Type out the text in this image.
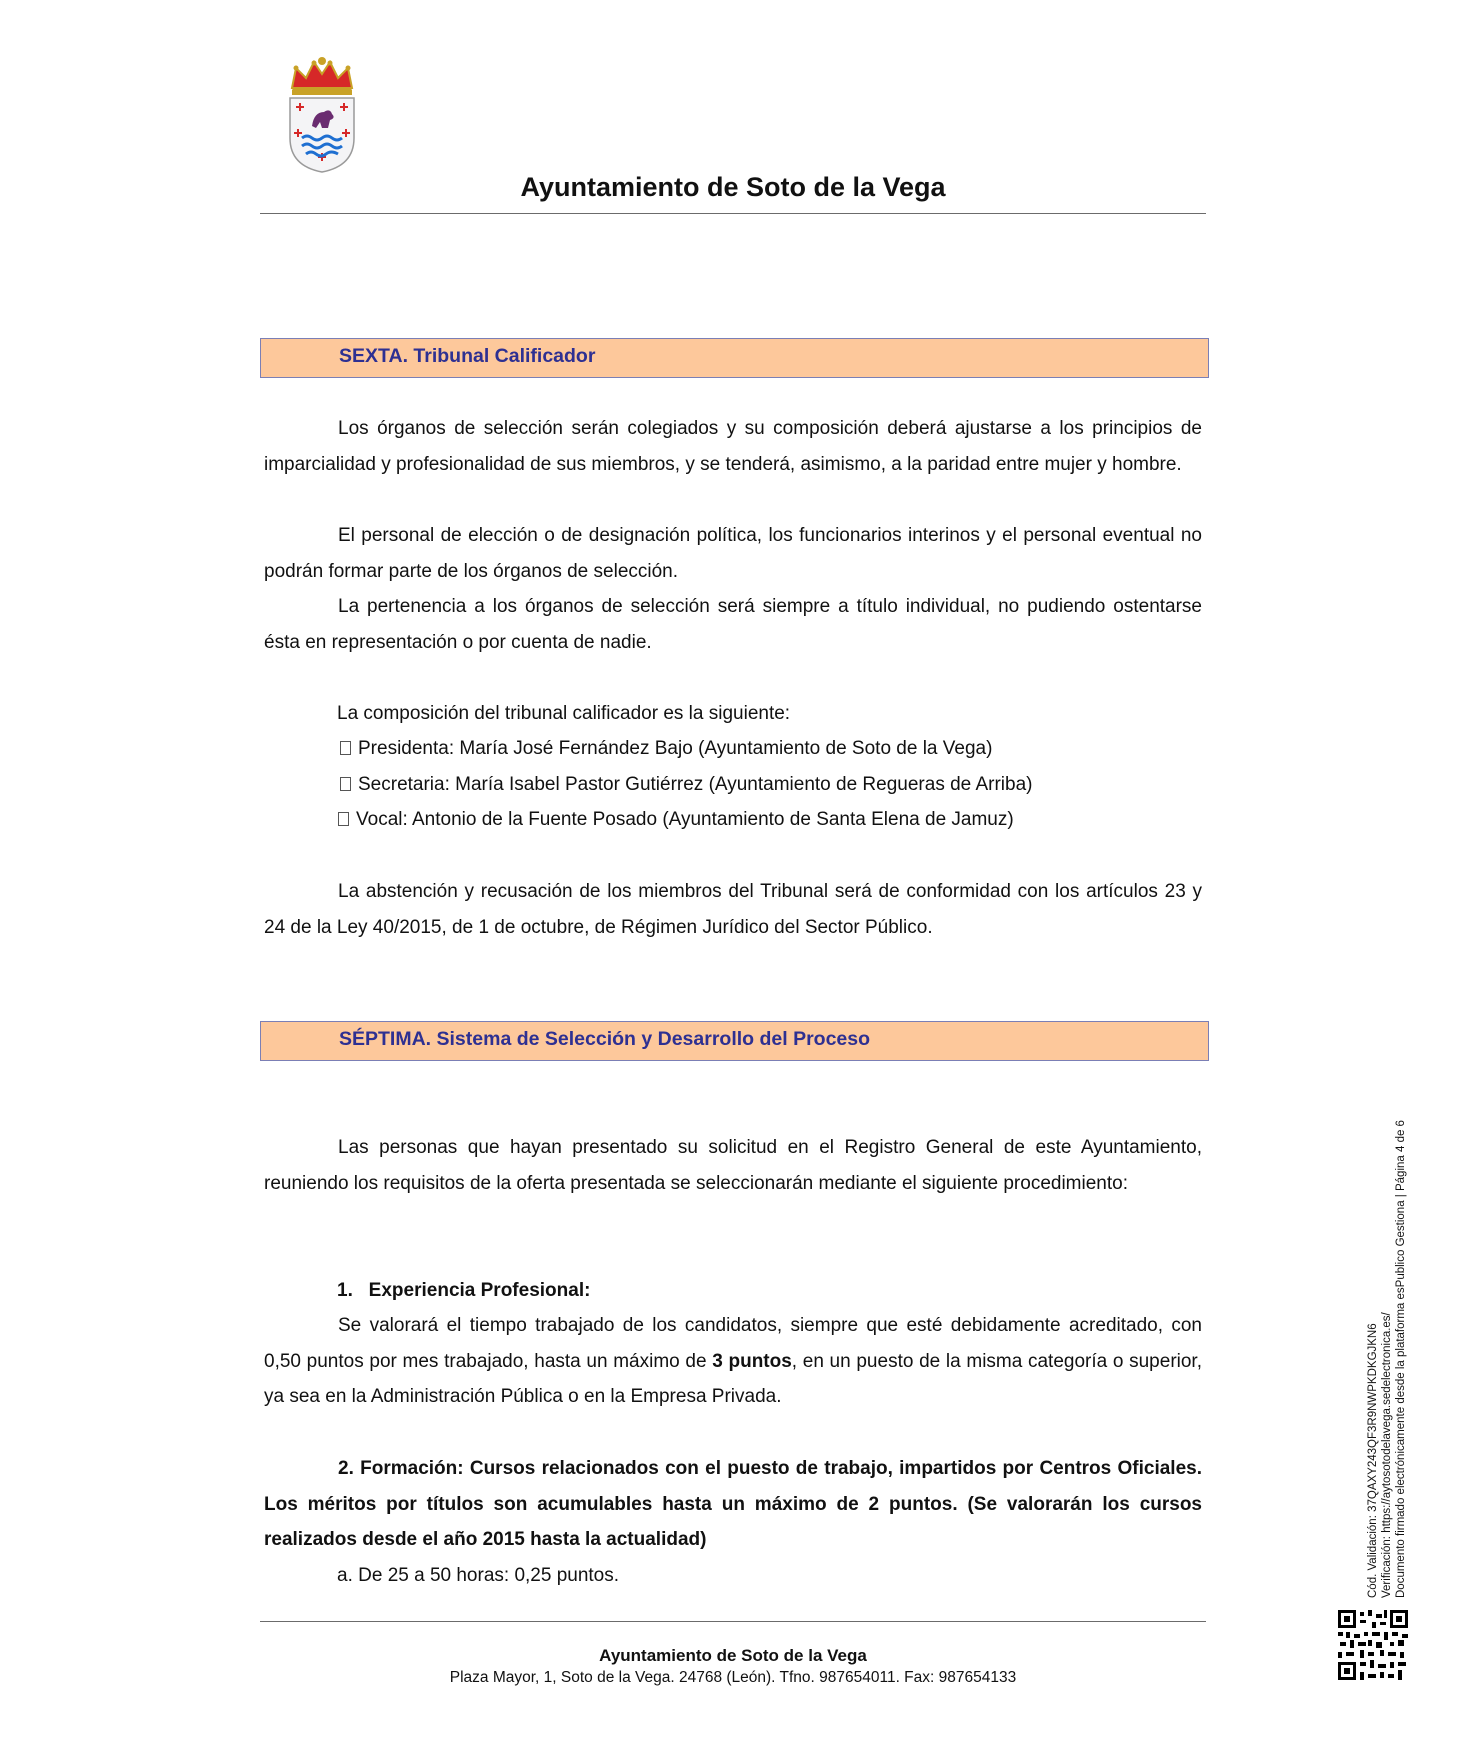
Ayuntamiento de Soto de la Vega
SEXTA. Tribunal Calificador
Los órganos de selección serán colegiados y su composición deberá ajustarse a los principios de imparcialidad y profesionalidad de sus miembros, y se tenderá, asimismo, a la paridad entre mujer y hombre.
El personal de elección o de designación política, los funcionarios interinos y el personal eventual no podrán formar parte de los órganos de selección.
La pertenencia a los órganos de selección será siempre a título individual, no pudiendo ostentarse ésta en representación o por cuenta de nadie.
La composición del tribunal calificador es la siguiente:
Presidenta: María José Fernández Bajo (Ayuntamiento de Soto de la Vega)
Secretaria: María Isabel Pastor Gutiérrez (Ayuntamiento de Regueras de Arriba)
Vocal: Antonio de la Fuente Posado (Ayuntamiento de Santa Elena de Jamuz)
La abstención y recusación de los miembros del Tribunal será de conformidad con los artículos 23 y 24 de la Ley 40/2015, de 1 de octubre, de Régimen Jurídico del Sector Público.
SÉPTIMA. Sistema de Selección y Desarrollo del Proceso
Las personas que hayan presentado su solicitud en el Registro General de este Ayuntamiento, reuniendo los requisitos de la oferta presentada se seleccionarán mediante el siguiente procedimiento:
1.   Experiencia Profesional:
Se valorará el tiempo trabajado de los candidatos, siempre que esté debidamente acreditado, con 0,50 puntos por mes trabajado, hasta un máximo de 3 puntos, en un puesto de la misma categoría o superior, ya sea en la Administración Pública o en la Empresa Privada.
2. Formación: Cursos relacionados con el puesto de trabajo, impartidos por Centros Oficiales. Los méritos por títulos son acumulables hasta un máximo de 2 puntos. (Se valorarán los cursos realizados desde el año 2015 hasta la actualidad)
a. De 25 a 50 horas: 0,25 puntos.
Ayuntamiento de Soto de la Vega
Plaza Mayor, 1, Soto de la Vega. 24768 (León). Tfno. 987654011. Fax: 987654133
Cód. Validación: 37QAXY243QF3R9NWPKDKGJKN6 Verificación: https://aytosotodelavega.sedelectronica.es/ Documento firmado electrónicamente desde la plataforma esPublico Gestiona | Página 4 de 6
